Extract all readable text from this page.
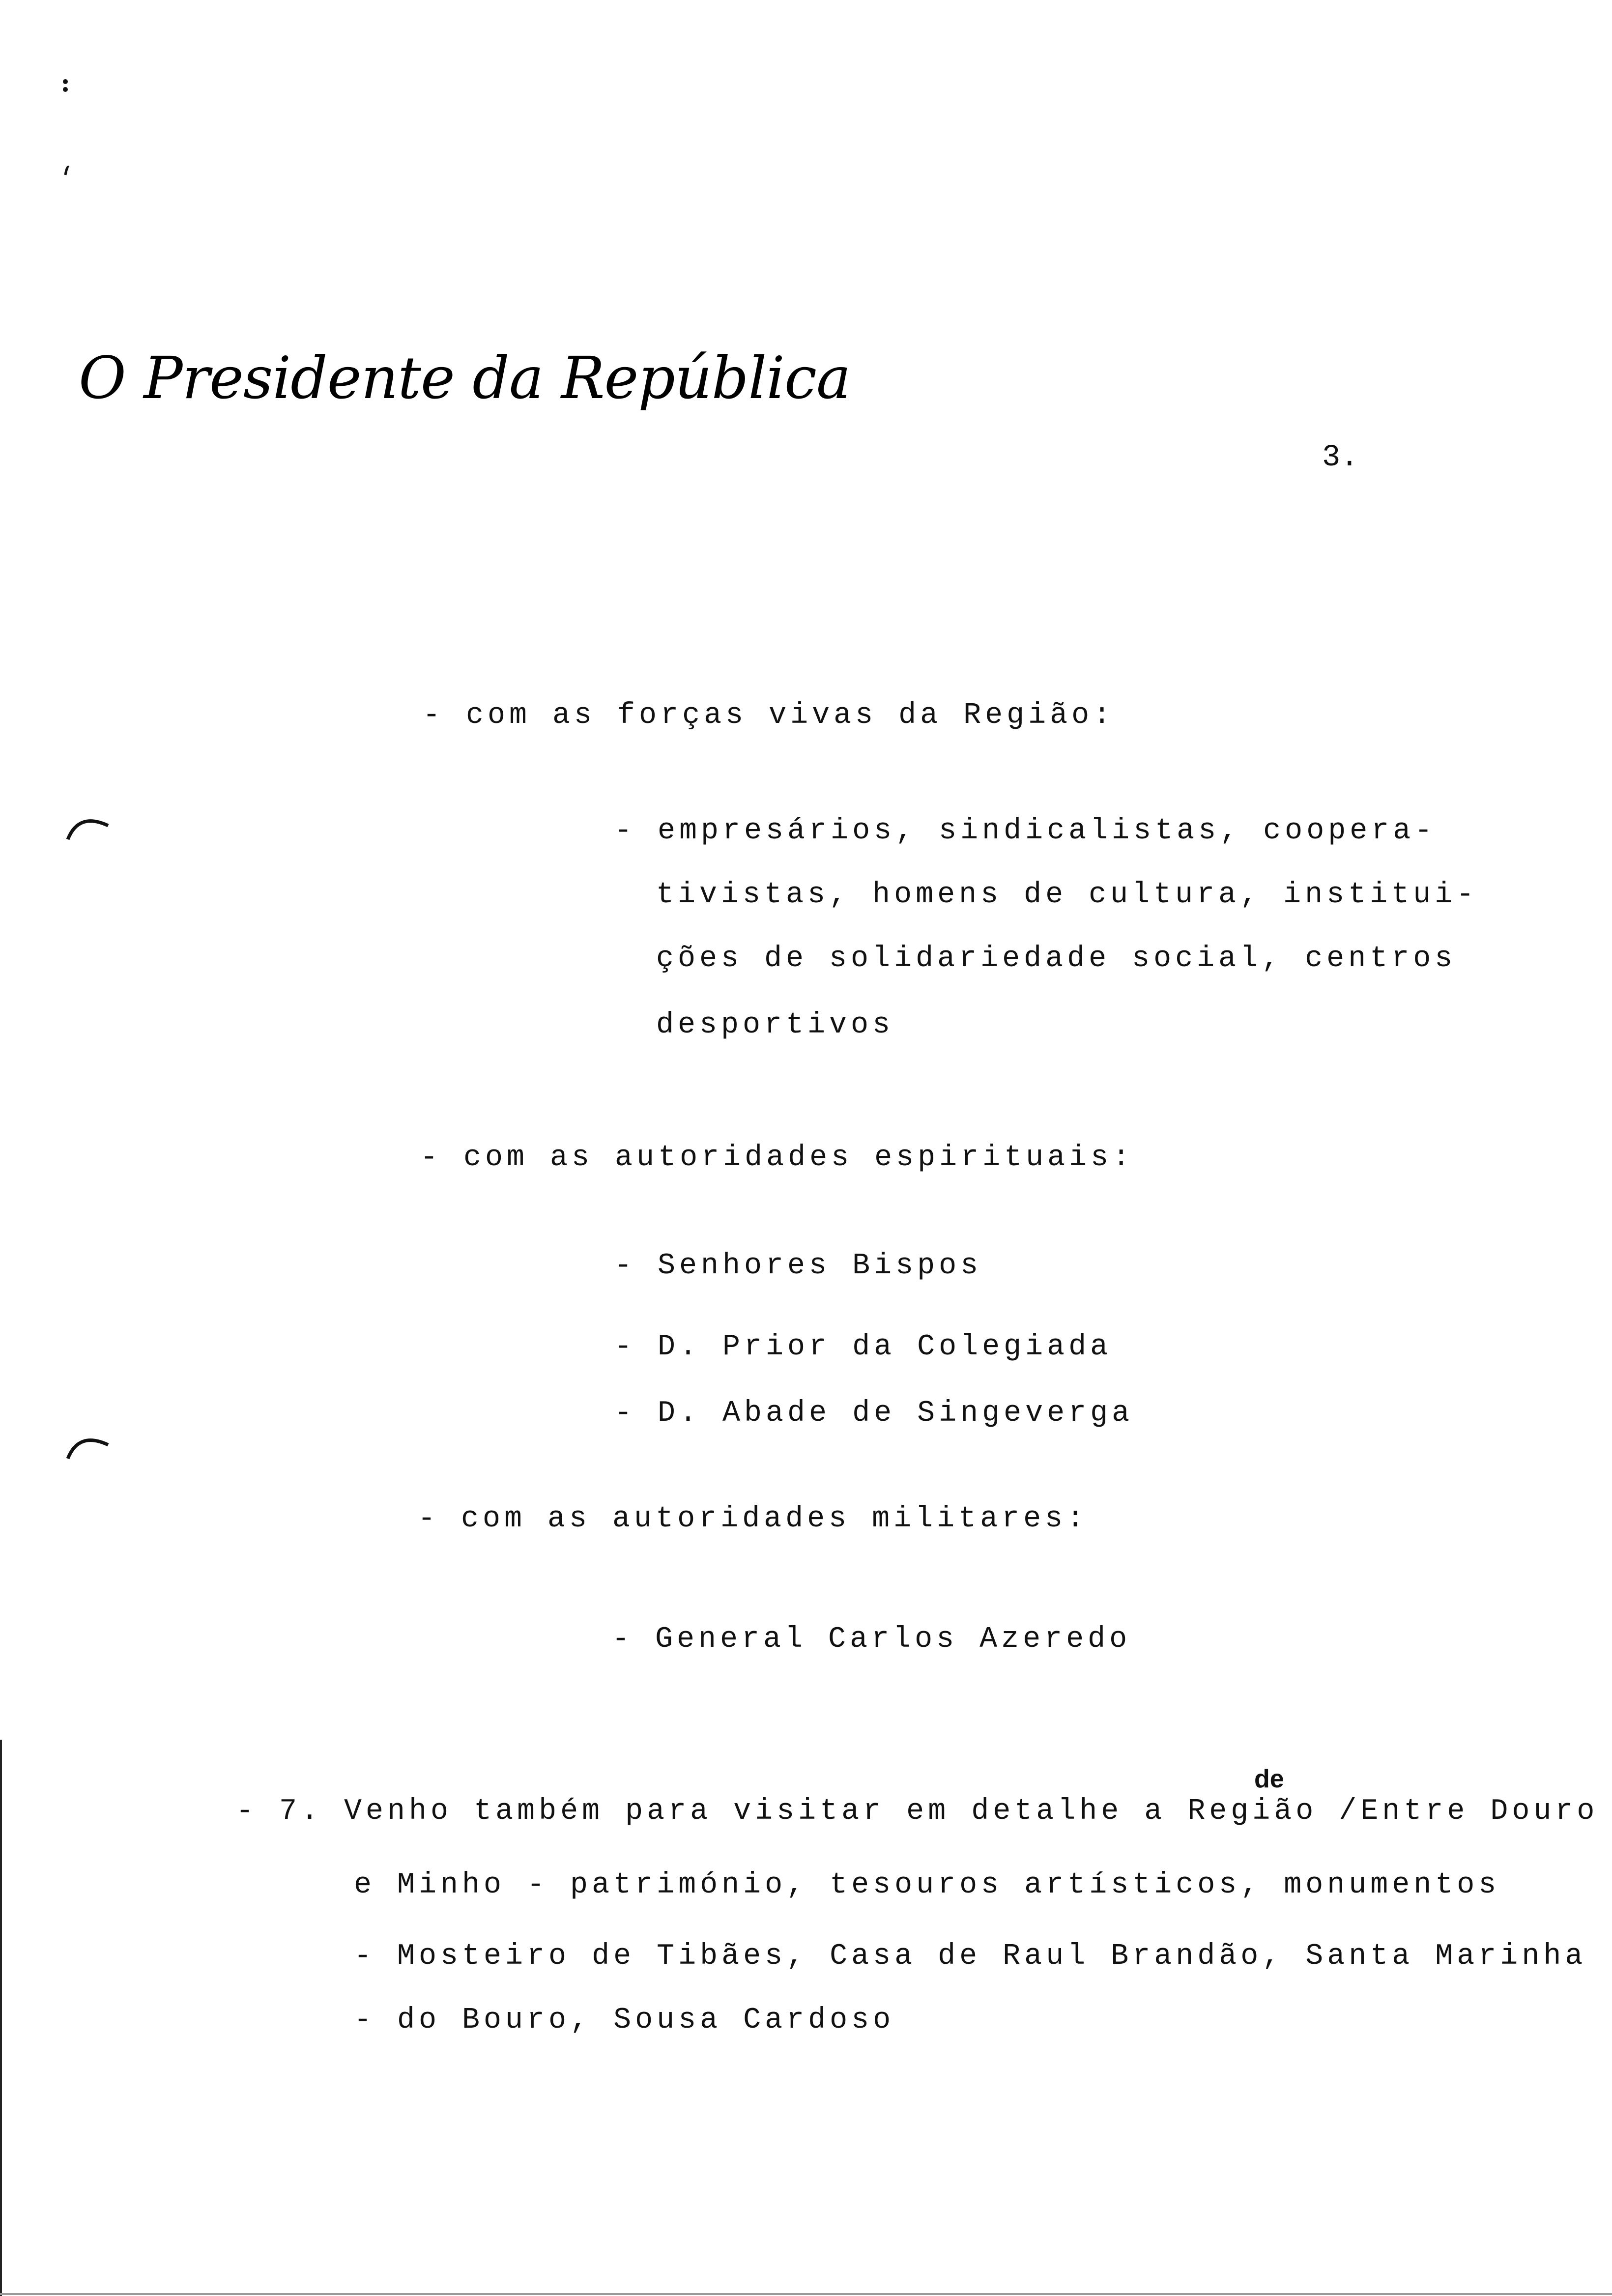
O Presidente da República
3.
- com as forças vivas da Região:
- empresários, sindicalistas, coopera-
tivistas, homens de cultura, institui-
ções de solidariedade social, centros
desportivos
- com as autoridades espirituais:
- Senhores Bispos
- D. Prior da Colegiada
- D. Abade de Singeverga
- com as autoridades militares:
- General Carlos Azeredo
de
- 7. Venho também para visitar em detalhe a Região /Entre Douro
e Minho - património, tesouros artísticos, monumentos
- Mosteiro de Tibães, Casa de Raul Brandão, Santa Marinha
- do Bouro, Sousa Cardoso
